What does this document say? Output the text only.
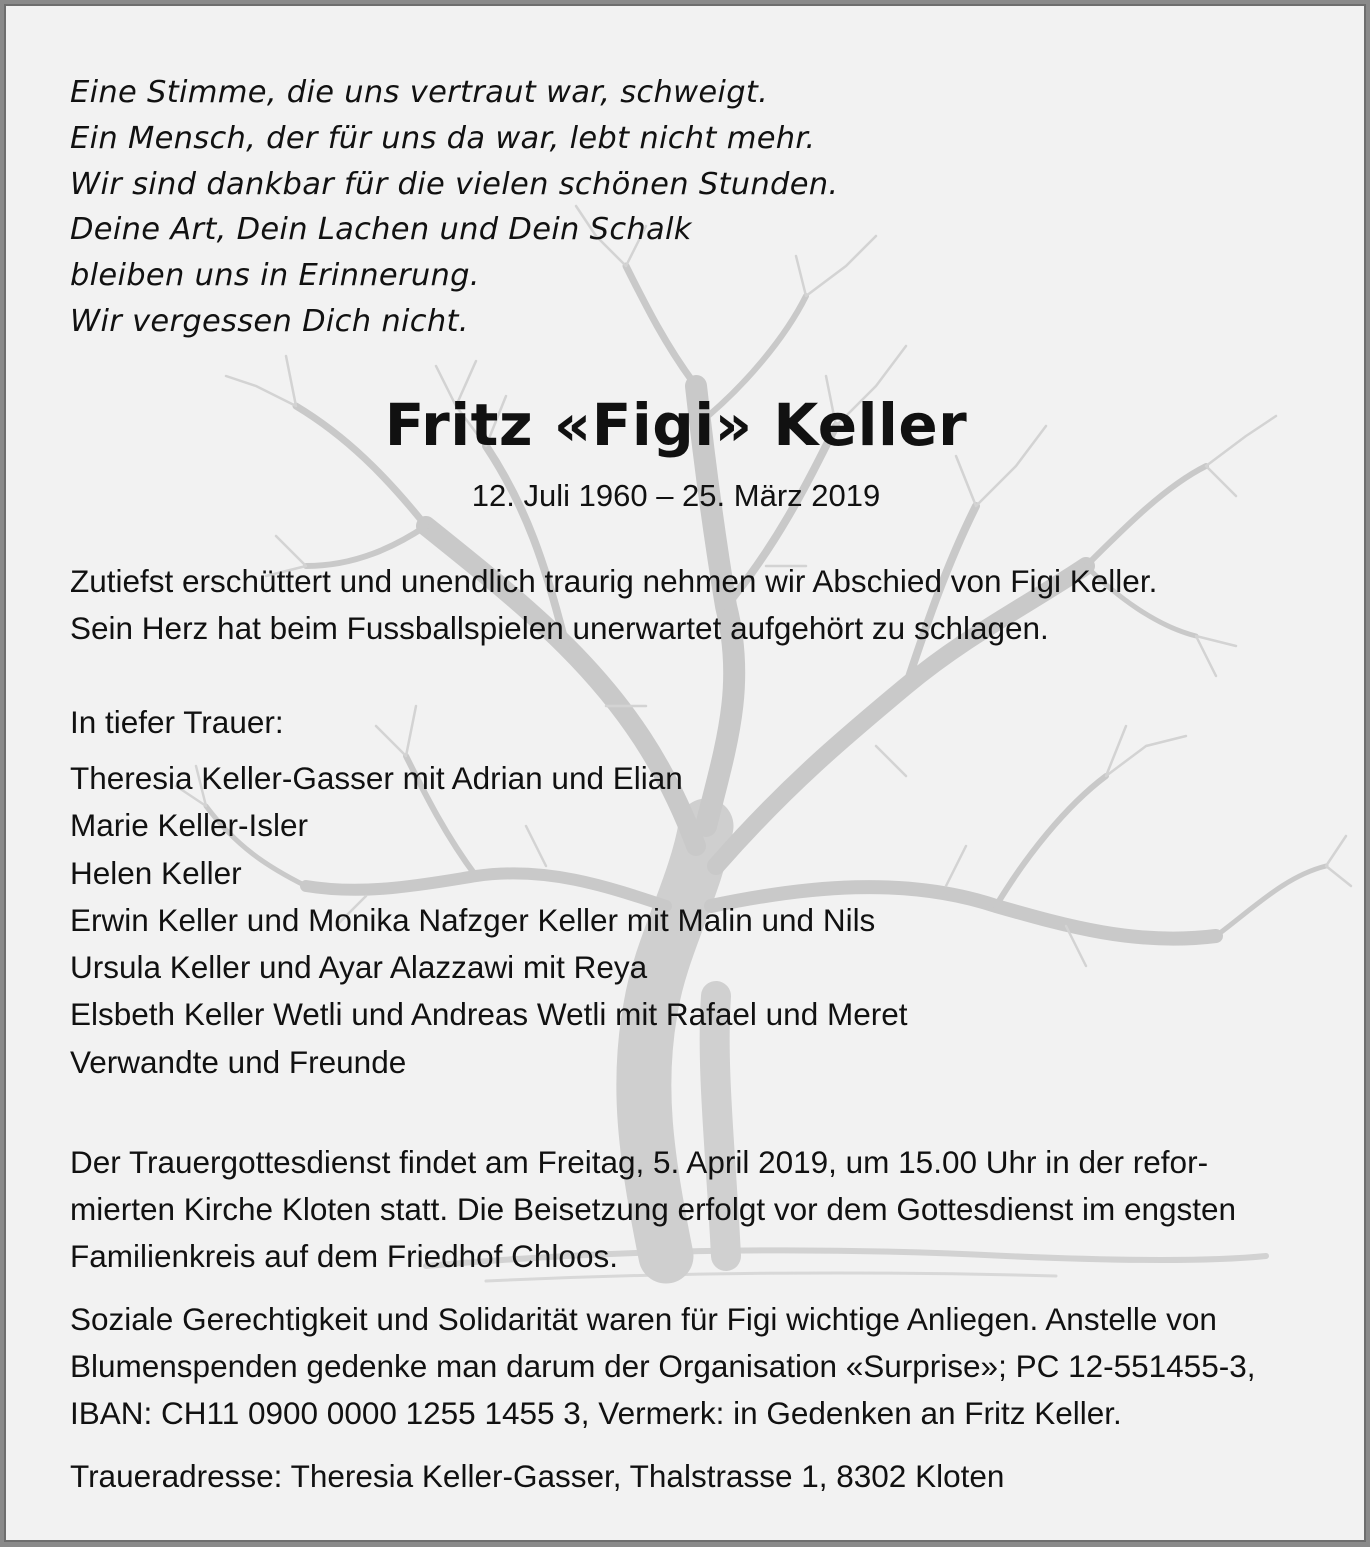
Eine Stimme, die uns vertraut war, schweigt.
Ein Mensch, der für uns da war, lebt nicht mehr.
Wir sind dankbar für die vielen schönen Stunden.
Deine Art, Dein Lachen und Dein Schalk
bleiben uns in Erinnerung.
Wir vergessen Dich nicht.
Fritz «Figi» Keller
12. Juli 1960 – 25. März 2019
Zutiefst erschüttert und unendlich traurig nehmen wir Abschied von Figi Keller.
Sein Herz hat beim Fussballspielen unerwartet aufgehört zu schlagen.
In tiefer Trauer:
Theresia Keller-Gasser mit Adrian und Elian
Marie Keller-Isler
Helen Keller
Erwin Keller und Monika Nafzger Keller mit Malin und Nils
Ursula Keller und Ayar Alazzawi mit Reya
Elsbeth Keller Wetli und Andreas Wetli mit Rafael und Meret
Verwandte und Freunde
Der Trauergottesdienst findet am Freitag, 5. April 2019, um 15.00 Uhr in der refor-
mierten Kirche Kloten statt. Die Beisetzung erfolgt vor dem Gottesdienst im engsten
Familienkreis auf dem Friedhof Chloos.
Soziale Gerechtigkeit und Solidarität waren für Figi wichtige Anliegen. Anstelle von
Blumenspenden gedenke man darum der Organisation «Surprise»; PC 12-551455-3,
IBAN: CH11 0900 0000 1255 1455 3, Vermerk: in Gedenken an Fritz Keller.
Traueradresse: Theresia Keller-Gasser, Thalstrasse 1, 8302 Kloten
